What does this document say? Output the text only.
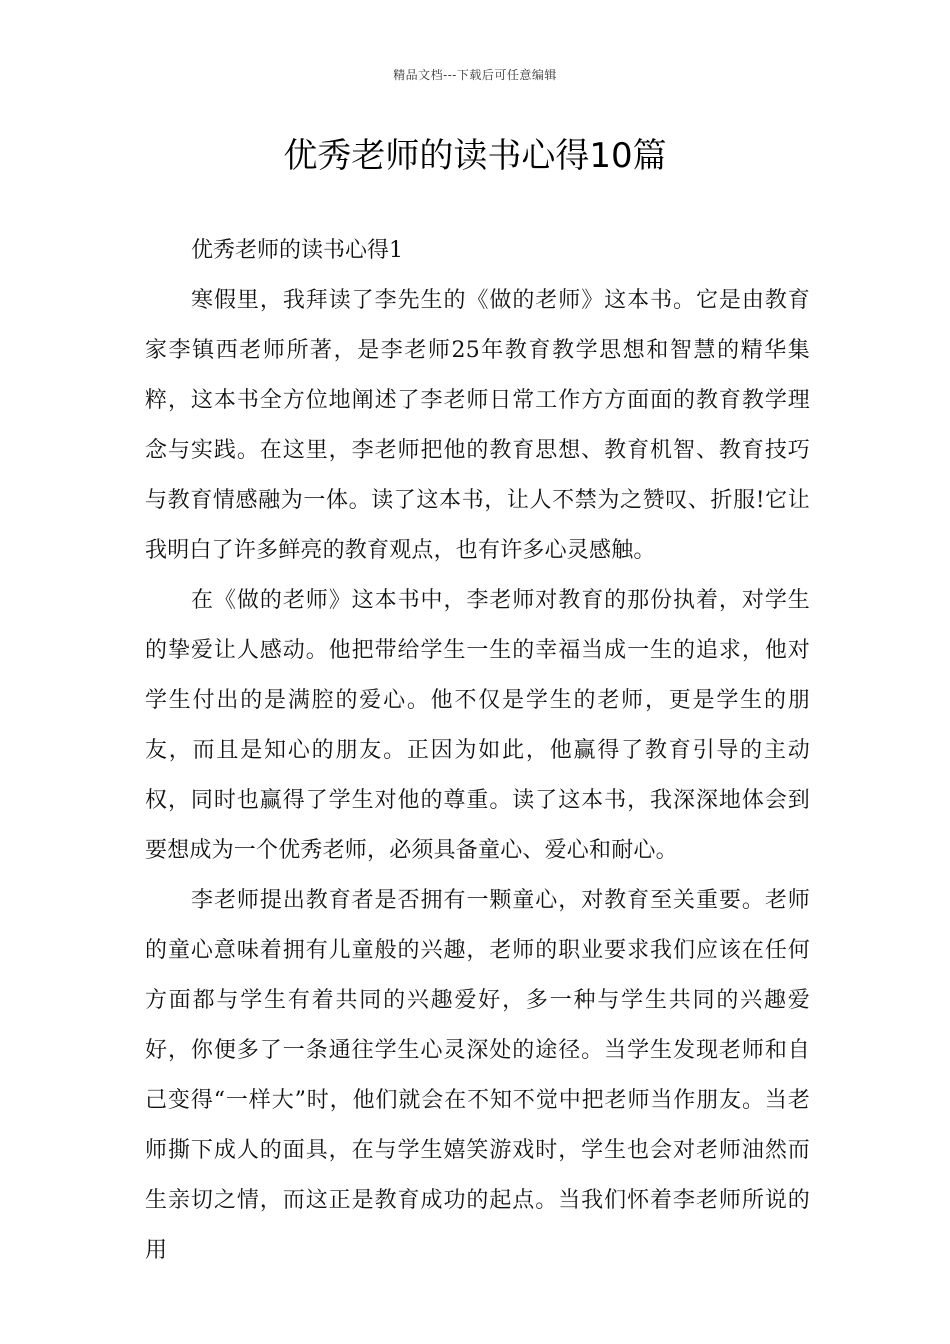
精品文档---下载后可任意编辑
优秀老师的读书心得10篇

优秀老师的读书心得1

寒假里，我拜读了李先生的《做的老师》这本书。它是由教育家李镇西老师所著，是李老师25年教育教学思想和智慧的精华集粹，这本书全方位地阐述了李老师日常工作方方面面的教育教学理念与实践。在这里，李老师把他的教育思想、教育机智、教育技巧与教育情感融为一体。读了这本书，让人不禁为之赞叹、折服!它让我明白了许多鲜亮的教育观点，也有许多心灵感触。

在《做的老师》这本书中，李老师对教育的那份执着，对学生的挚爱让人感动。他把带给学生一生的幸福当成一生的追求，他对学生付出的是满腔的爱心。他不仅是学生的老师，更是学生的朋友，而且是知心的朋友。正因为如此，他赢得了教育引导的主动权，同时也赢得了学生对他的尊重。读了这本书，我深深地体会到要想成为一个优秀老师，必须具备童心、爱心和耐心。

李老师提出教育者是否拥有一颗童心，对教育至关重要。老师的童心意味着拥有儿童般的兴趣，老师的职业要求我们应该在任何方面都与学生有着共同的兴趣爱好，多一种与学生共同的兴趣爱好，你便多了一条通往学生心灵深处的途径。当学生发现老师和自己变得“一样大”时，他们就会在不知不觉中把老师当作朋友。当老师撕下成人的面具，在与学生嬉笑游戏时，学生也会对老师油然而生亲切之情，而这正是教育成功的起点。当我们怀着李老师所说的用
